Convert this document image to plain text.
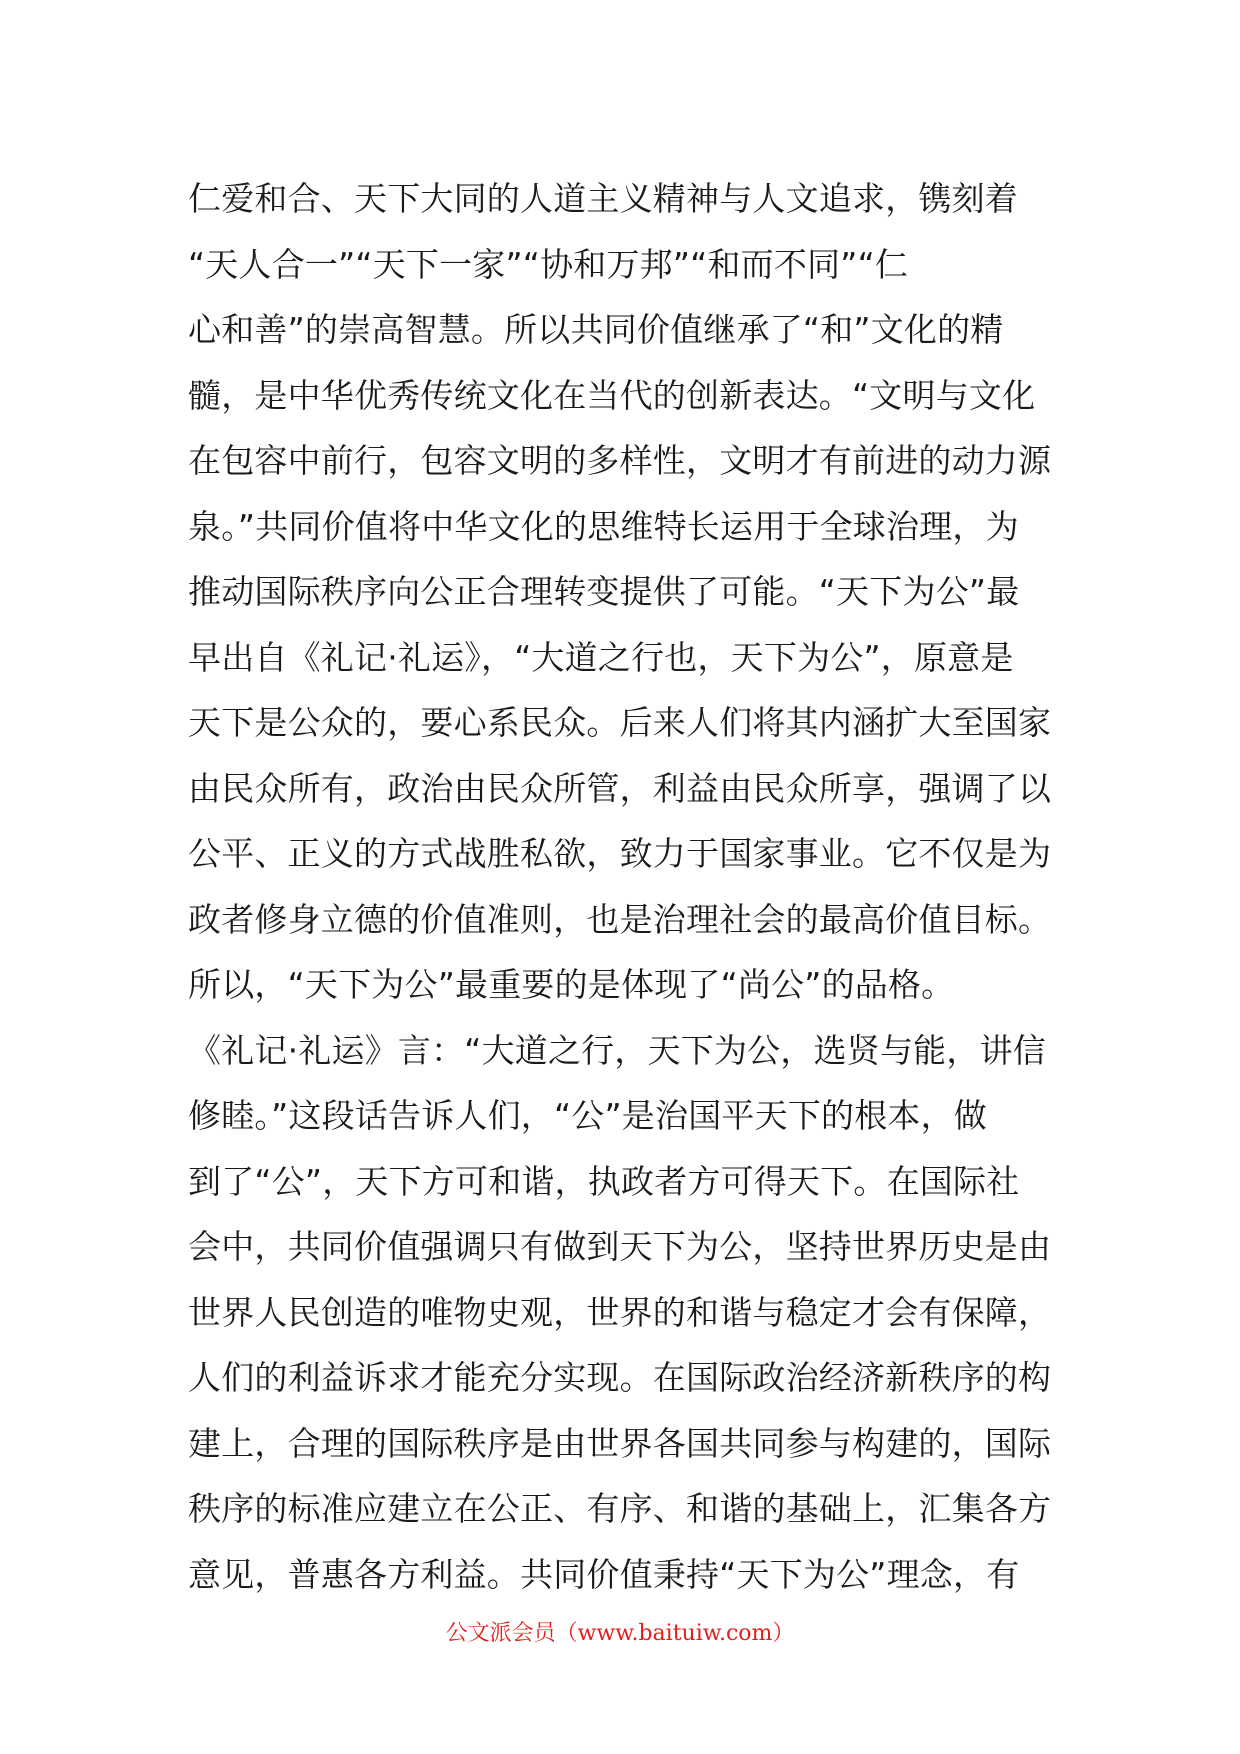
仁爱和合、天下大同的人道主义精神与人文追求，镌刻着
“天人合一”“天下一家”“协和万邦”“和而不同”“仁
心和善”的崇高智慧。所以共同价值继承了“和”文化的精
髓，是中华优秀传统文化在当代的创新表达。“文明与文化
在包容中前行，包容文明的多样性，文明才有前进的动力源
泉。”共同价值将中华文化的思维特长运用于全球治理，为
推动国际秩序向公正合理转变提供了可能。“天下为公”最
早出自《礼记·礼运》，“大道之行也，天下为公”，原意是
天下是公众的，要心系民众。后来人们将其内涵扩大至国家
由民众所有，政治由民众所管，利益由民众所享，强调了以
公平、正义的方式战胜私欲，致力于国家事业。它不仅是为
政者修身立德的价值准则，也是治理社会的最高价值目标。
所以，“天下为公”最重要的是体现了“尚公”的品格。
《礼记·礼运》言：“大道之行，天下为公，选贤与能，讲信
修睦。”这段话告诉人们，“公”是治国平天下的根本，做
到了“公”，天下方可和谐，执政者方可得天下。在国际社
会中，共同价值强调只有做到天下为公，坚持世界历史是由
世界人民创造的唯物史观，世界的和谐与稳定才会有保障，
人们的利益诉求才能充分实现。在国际政治经济新秩序的构
建上，合理的国际秩序是由世界各国共同参与构建的，国际
秩序的标准应建立在公正、有序、和谐的基础上，汇集各方
意见，普惠各方利益。共同价值秉持“天下为公”理念，有
公文派会员（www.baituiw.com）
